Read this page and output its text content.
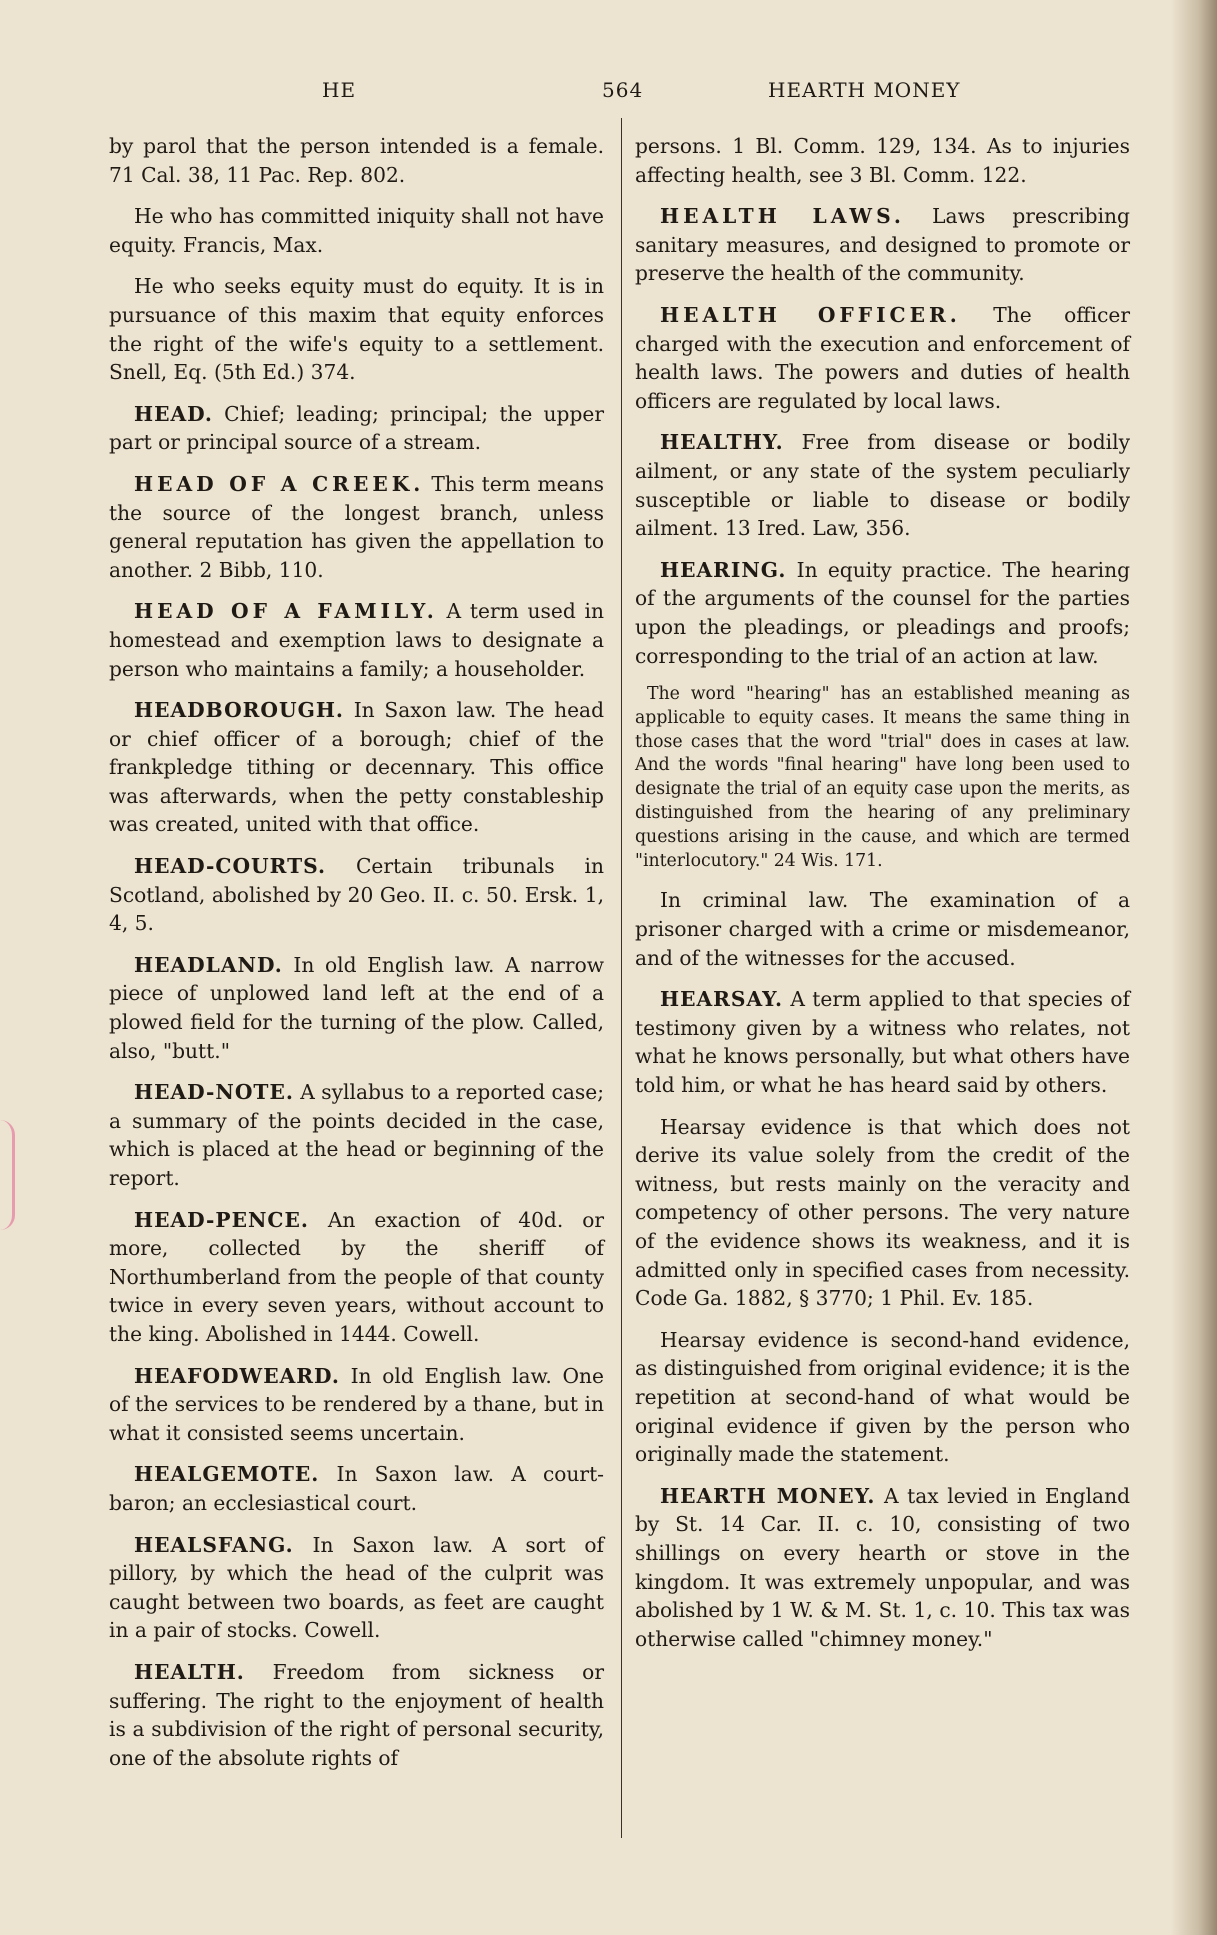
HE	564	HEARTH MONEY

by parol that the person intended is a female. 71 Cal. 38, 11 Pac. Rep. 802.

He who has committed iniquity shall not have equity. Francis, Max.

He who seeks equity must do equity. It is in pursuance of this maxim that equity enforces the right of the wife's equity to a settlement. Snell, Eq. (5th Ed.) 374.

HEAD. Chief; leading; principal; the upper part or principal source of a stream.

HEAD OF A CREEK. This term means the source of the longest branch, unless general reputation has given the appellation to another. 2 Bibb, 110.

HEAD OF A FAMILY. A term used in homestead and exemption laws to designate a person who maintains a family; a householder.

HEADBOROUGH. In Saxon law. The head or chief officer of a borough; chief of the frankpledge tithing or decennary. This office was afterwards, when the petty constableship was created, united with that office.

HEAD-COURTS. Certain tribunals in Scotland, abolished by 20 Geo. II. c. 50. Ersk. 1, 4, 5.

HEADLAND. In old English law. A narrow piece of unplowed land left at the end of a plowed field for the turning of the plow. Called, also, "butt."

HEAD-NOTE. A syllabus to a reported case; a summary of the points decided in the case, which is placed at the head or beginning of the report.

HEAD-PENCE. An exaction of 40d. or more, collected by the sheriff of Northumberland from the people of that county twice in every seven years, without account to the king. Abolished in 1444. Cowell.

HEAFODWEARD. In old English law. One of the services to be rendered by a thane, but in what it consisted seems uncertain.

HEALGEMOTE. In Saxon law. A court-baron; an ecclesiastical court.

HEALSFANG. In Saxon law. A sort of pillory, by which the head of the culprit was caught between two boards, as feet are caught in a pair of stocks. Cowell.

HEALTH. Freedom from sickness or suffering. The right to the enjoyment of health is a subdivision of the right of personal security, one of the absolute rights of

persons. 1 Bl. Comm. 129, 134. As to injuries affecting health, see 3 Bl. Comm. 122.

HEALTH LAWS. Laws prescribing sanitary measures, and designed to promote or preserve the health of the community.

HEALTH OFFICER. The officer charged with the execution and enforcement of health laws. The powers and duties of health officers are regulated by local laws.

HEALTHY. Free from disease or bodily ailment, or any state of the system peculiarly susceptible or liable to disease or bodily ailment. 13 Ired. Law, 356.

HEARING. In equity practice. The hearing of the arguments of the counsel for the parties upon the pleadings, or pleadings and proofs; corresponding to the trial of an action at law.

The word "hearing" has an established meaning as applicable to equity cases. It means the same thing in those cases that the word "trial" does in cases at law. And the words "final hearing" have long been used to designate the trial of an equity case upon the merits, as distinguished from the hearing of any preliminary questions arising in the cause, and which are termed "interlocutory." 24 Wis. 171.

In criminal law. The examination of a prisoner charged with a crime or misdemeanor, and of the witnesses for the accused.

HEARSAY. A term applied to that species of testimony given by a witness who relates, not what he knows personally, but what others have told him, or what he has heard said by others.

Hearsay evidence is that which does not derive its value solely from the credit of the witness, but rests mainly on the veracity and competency of other persons. The very nature of the evidence shows its weakness, and it is admitted only in specified cases from necessity. Code Ga. 1882, § 3770; 1 Phil. Ev. 185.

Hearsay evidence is second-hand evidence, as distinguished from original evidence; it is the repetition at second-hand of what would be original evidence if given by the person who originally made the statement.

HEARTH MONEY. A tax levied in England by St. 14 Car. II. c. 10, consisting of two shillings on every hearth or stove in the kingdom. It was extremely unpopular, and was abolished by 1 W. & M. St. 1, c. 10. This tax was otherwise called "chimney money."
